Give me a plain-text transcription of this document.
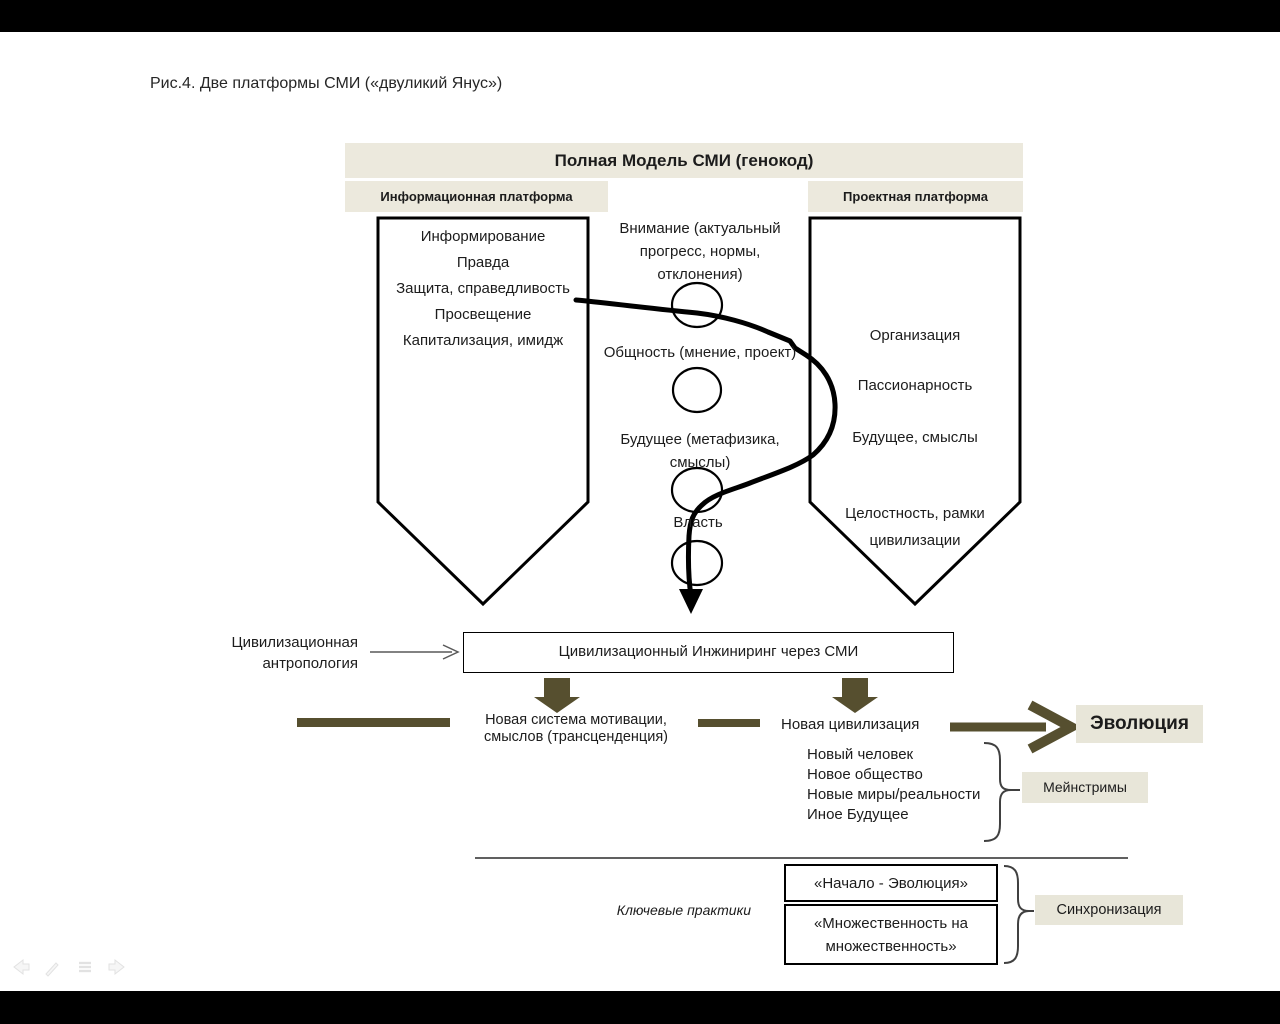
Рис.4. Две платформы СМИ («двуликий Янус»)
Полная Модель СМИ (генокод)
Информационная платформа	Проектная платформа
Информирование
Правда
Защита, справедливость
Просвещение
Капитализация, имидж	Организация
Пассионарность
Будущее, смыслы
Целостность, рамки цивилизации
Внимание (актуальный прогресс, нормы, отклонения)
Общность (мнение, проект)
Будущее (метафизика, смыслы)
Власть
Цивилизационная антропология
Цивилизационный Инжиниринг через СМИ
Новая система мотивации, смыслов (трансценденция)
Новая цивилизация
Новый человек
Новое общество
Новые миры/реальности
Иное Будущее
Мейнстримы
Эволюция
Ключевые практики
«Начало - Эволюция»
«Множественность на множественность»
Синхронизация
